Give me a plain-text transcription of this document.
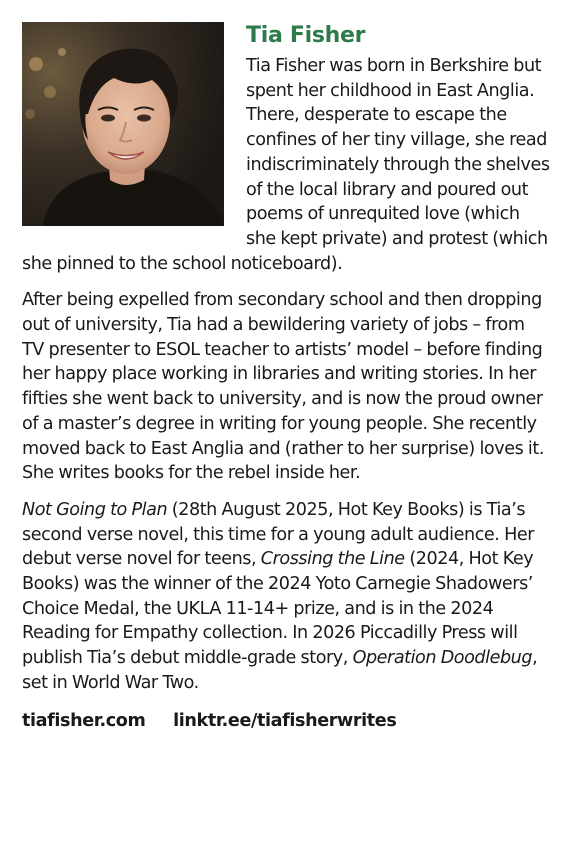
Tia Fisher

Tia Fisher was born in Berkshire but spent her childhood in East Anglia. There, desperate to escape the confines of her tiny village, she read indiscriminately through the shelves of the local library and poured out poems of unrequited love (which she kept private) and protest (which she pinned to the school noticeboard).

After being expelled from secondary school and then dropping out of university, Tia had a bewildering variety of jobs – from TV presenter to ESOL teacher to artists’ model – before finding her happy place working in libraries and writing stories. In her fifties she went back to university, and is now the proud owner of a master’s degree in writing for young people. She recently moved back to East Anglia and (rather to her surprise) loves it. She writes books for the rebel inside her.

Not Going to Plan (28th August 2025, Hot Key Books) is Tia’s second verse novel, this time for a young adult audience. Her debut verse novel for teens, Crossing the Line (2024, Hot Key Books) was the winner of the 2024 Yoto Carnegie Shadowers’ Choice Medal, the UKLA 11-14+ prize, and is in the 2024 Reading for Empathy collection. In 2026 Piccadilly Press will publish Tia’s debut middle-grade story, Operation Doodlebug, set in World War Two.

tiafisher.com linktr.ee/tiafisherwrites
